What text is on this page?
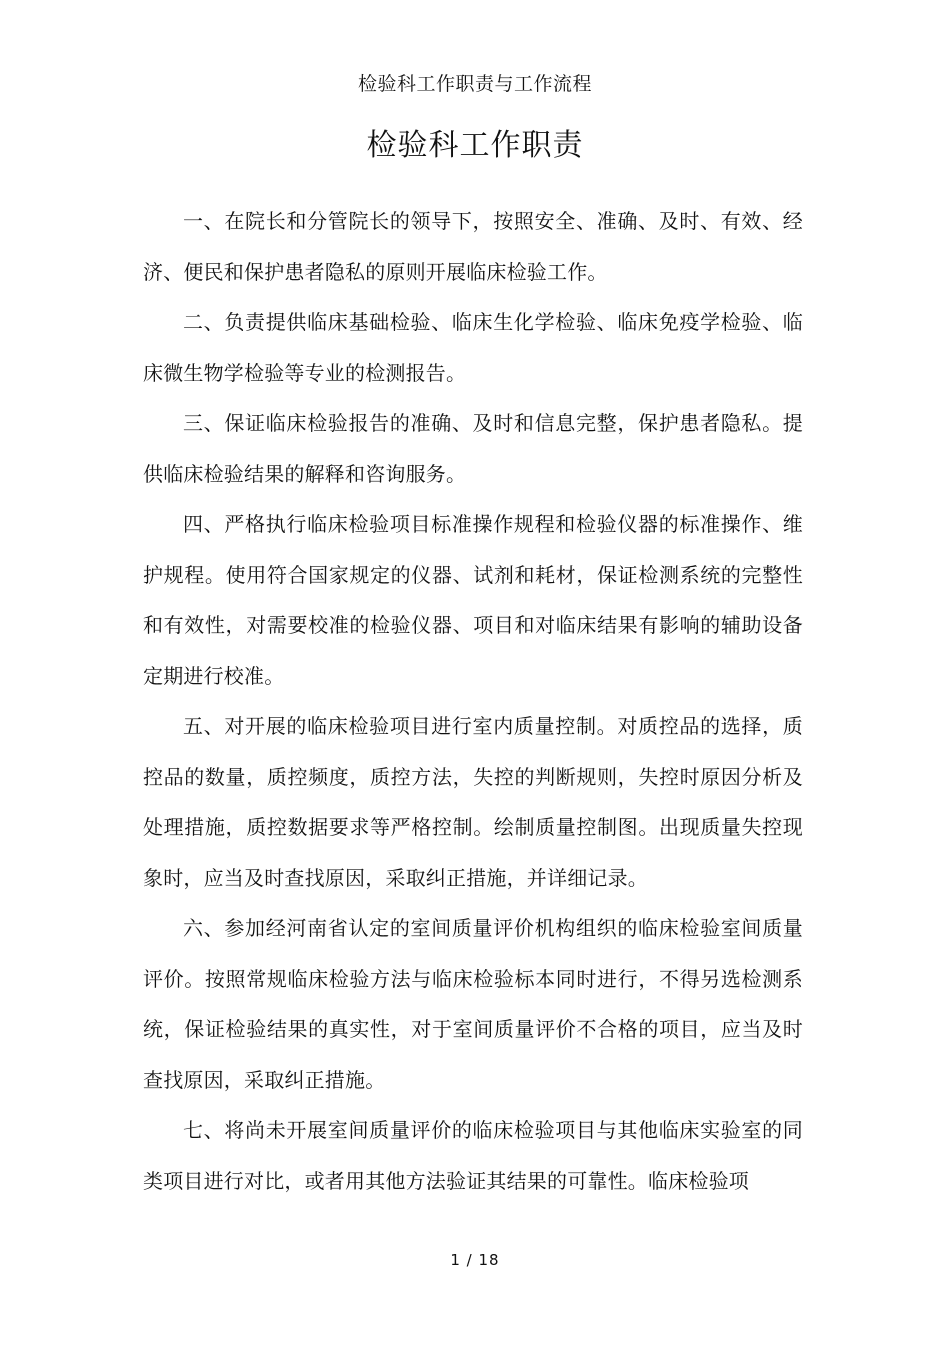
检验科工作职责与工作流程
检验科工作职责

一、在院长和分管院长的领导下，按照安全、准确、及时、有效、经济、便民和保护患者隐私的原则开展临床检验工作。

二、负责提供临床基础检验、临床生化学检验、临床免疫学检验、临床微生物学检验等专业的检测报告。

三、保证临床检验报告的准确、及时和信息完整，保护患者隐私。提供临床检验结果的解释和咨询服务。

四、严格执行临床检验项目标准操作规程和检验仪器的标准操作、维护规程。使用符合国家规定的仪器、试剂和耗材，保证检测系统的完整性和有效性，对需要校准的检验仪器、项目和对临床结果有影响的辅助设备定期进行校准。

五、对开展的临床检验项目进行室内质量控制。对质控品的选择，质控品的数量，质控频度，质控方法，失控的判断规则，失控时原因分析及处理措施，质控数据要求等严格控制。绘制质量控制图。出现质量失控现象时，应当及时查找原因，采取纠正措施，并详细记录。

六、参加经河南省认定的室间质量评价机构组织的临床检验室间质量评价。按照常规临床检验方法与临床检验标本同时进行，不得另选检测系统，保证检验结果的真实性，对于室间质量评价不合格的项目，应当及时查找原因，采取纠正措施。

七、将尚未开展室间质量评价的临床检验项目与其他临床实验室的同类项目进行对比，或者用其他方法验证其结果的可靠性。临床检验项

1 / 18
